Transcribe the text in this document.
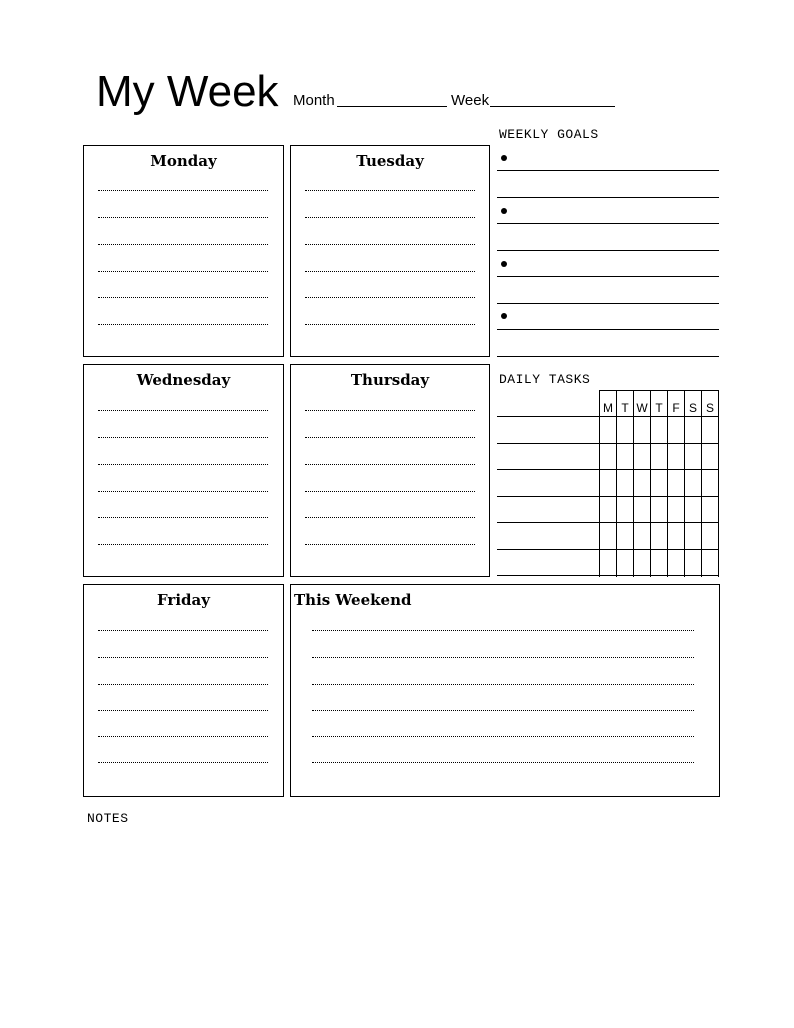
My Week Month	Week
Monday	Tuesday
Wednesday	Thursday
Friday	This Weekend
WEEKLY GOALS
DAILY TASKS
M T W T F S S
NOTES
